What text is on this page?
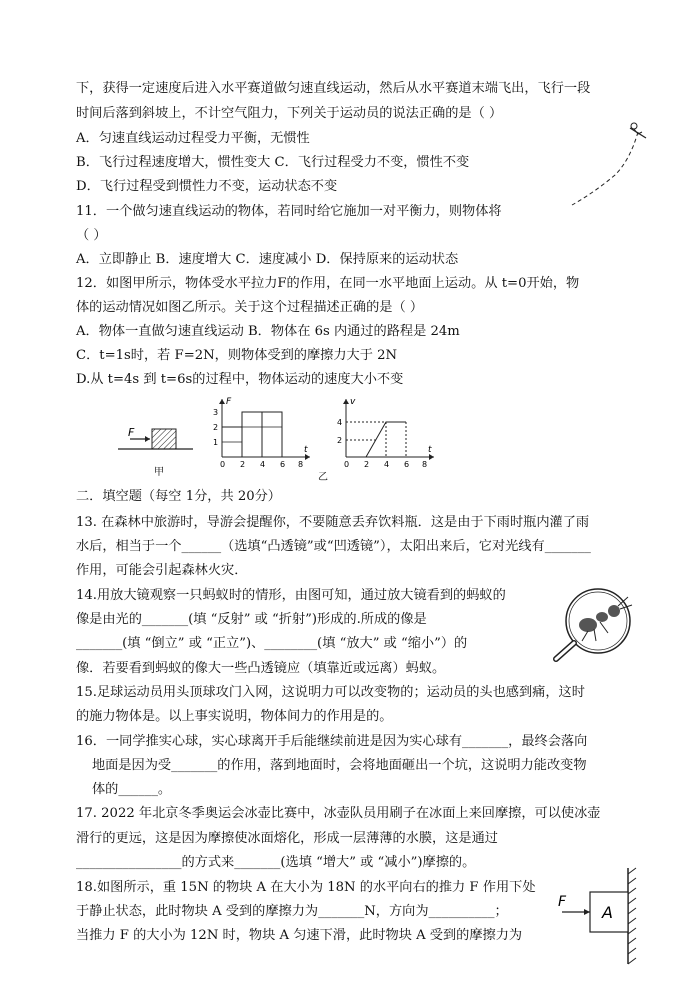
下，获得一定速度后进入水平赛道做匀速直线运动，然后从水平赛道末端飞出，飞行一段
时间后落到斜坡上，不计空气阻力，下列关于运动员的说法正确的是（ ）
A．匀速直线运动过程受力平衡，无惯性
B．飞行过程速度增大，惯性变大 C．飞行过程受力不变，惯性不变
D．飞行过程受到惯性力不变，运动状态不变
11．一个做匀速直线运动的物体，若同时给它施加一对平衡力，则物体将
（ ）
A．立即静止 B．速度增大 C．速度减小 D．保持原来的运动状态
12．如图甲所示，物体受水平拉力F的作用，在同一水平地面上运动。从 t=0开始，物
体的运动情况如图乙所示。关于这个过程描述正确的是（ ）
A．物体一直做匀速直线运动 B．物体在 6s 内通过的路程是 24m
C．t=1s时，若 F=2N，则物体受到的摩擦力大于 2N
D.从 t=4s 到 t=6s的过程中，物体运动的速度大小不变
二．填空题（每空 1分，共 20分）
13. 在森林中旅游时，导游会提醒你，不要随意丢弃饮料瓶．这是由于下雨时瓶内灌了雨
水后，相当于一个______（选填“凸透镜”或“凹透镜”），太阳出来后，它对光线有_______
作用，可能会引起森林火灾．
14.用放大镜观察一只蚂蚁时的情形，由图可知，通过放大镜看到的蚂蚁的
像是由光的_______(填 “反射” 或 “折射”)形成的.所成的像是
_______(填 “倒立” 或 “正立”)、________(填 “放大” 或 “缩小”）的
像．若要看到蚂蚁的像大一些凸透镜应（填靠近或远离）蚂蚁。
15.足球运动员用头顶球攻门入网，这说明力可以改变物的；运动员的头也感到痛，这时
的施力物体是。以上事实说明，物体间力的作用是的。
16．一同学推实心球，实心球离开手后能继续前进是因为实心球有_______，最终会落向
地面是因为受_______的作用，落到地面时，会将地面砸出一个坑，这说明力能改变物
体的______。
17. 2022 年北京冬季奥运会冰壶比赛中，冰壶队员用刷子在冰面上来回摩擦，可以使冰壶
滑行的更远，这是因为摩擦使冰面熔化，形成一层薄薄的水膜，这是通过
________________的方式来_______(选填 “增大” 或 “减小”)摩擦的。
18.如图所示，重 15N 的物块 A 在大小为 18N 的水平向右的推力 F 作用下处
于静止状态，此时物块 A 受到的摩擦力为_______N，方向为__________；
当推力 F 的大小为 12N 时，物块 A 匀速下滑，此时物块 A 受到的摩擦力为
F
甲
F
t
1
2
3
0 2 4 6 8
v
t
2
4
0 2 4 6 8
乙
F
A
